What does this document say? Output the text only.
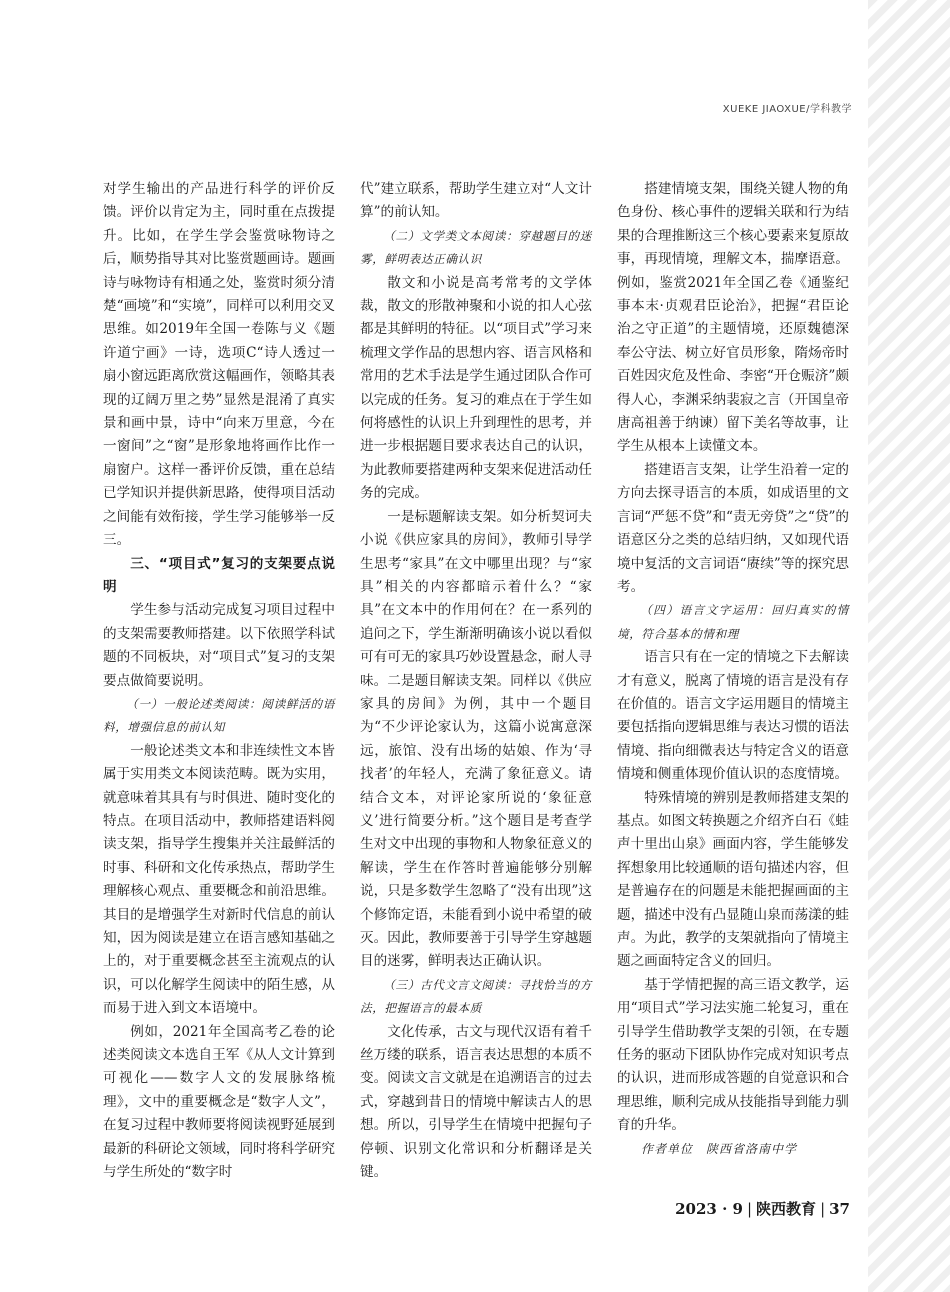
XUEKE JIAOXUE/学科教学

对学生输出的产品进行科学的评价反馈。评价以肯定为主，同时重在点拨提升。比如，在学生学会鉴赏咏物诗之后，顺势指导其对比鉴赏题画诗。题画诗与咏物诗有相通之处，鉴赏时须分清楚“画境”和“实境”，同样可以利用交叉思维。如2019年全国一卷陈与义《题许道宁画》一诗，选项C“诗人透过一扇小窗远距离欣赏这幅画作，领略其表现的辽阔万里之势”显然是混淆了真实景和画中景，诗中“向来万里意，今在一窗间”之“窗”是形象地将画作比作一扇窗户。这样一番评价反馈，重在总结已学知识并提供新思路，使得项目活动之间能有效衔接，学生学习能够举一反三。

三、“项目式”复习的支架要点说明

学生参与活动完成复习项目过程中的支架需要教师搭建。以下依照学科试题的不同板块，对“项目式”复习的支架要点做简要说明。

（一）一般论述类阅读：阅读鲜活的语料，增强信息的前认知

一般论述类文本和非连续性文本皆属于实用类文本阅读范畴。既为实用，就意味着其具有与时俱进、随时变化的特点。在项目活动中，教师搭建语料阅读支架，指导学生搜集并关注最鲜活的时事、科研和文化传承热点，帮助学生理解核心观点、重要概念和前沿思维。其目的是增强学生对新时代信息的前认知，因为阅读是建立在语言感知基础之上的，对于重要概念甚至主流观点的认识，可以化解学生阅读中的陌生感，从而易于进入到文本语境中。

例如，2021年全国高考乙卷的论述类阅读文本选自王军《从人文计算到可视化——数字人文的发展脉络梳理》，文中的重要概念是“数字人文”，在复习过程中教师要将阅读视野延展到最新的科研论文领域，同时将科学研究与学生所处的“数字时

代”建立联系，帮助学生建立对“人文计算”的前认知。

（二）文学类文本阅读：穿越题目的迷雾，鲜明表达正确认识

散文和小说是高考常考的文学体裁，散文的形散神聚和小说的扣人心弦都是其鲜明的特征。以“项目式”学习来梳理文学作品的思想内容、语言风格和常用的艺术手法是学生通过团队合作可以完成的任务。复习的难点在于学生如何将感性的认识上升到理性的思考，并进一步根据题目要求表达自己的认识，为此教师要搭建两种支架来促进活动任务的完成。

一是标题解读支架。如分析契诃夫小说《供应家具的房间》，教师引导学生思考“家具”在文中哪里出现？与“家具”相关的内容都暗示着什么？“家具”在文本中的作用何在？在一系列的追问之下，学生渐渐明确该小说以看似可有可无的家具巧妙设置悬念，耐人寻味。二是题目解读支架。同样以《供应家具的房间》为例，其中一个题目为“不少评论家认为，这篇小说寓意深远，旅馆、没有出场的姑娘、作为‘寻找者’的年轻人，充满了象征意义。请结合文本，对评论家所说的‘象征意义’进行简要分析。”这个题目是考查学生对文中出现的事物和人物象征意义的解读，学生在作答时普遍能够分别解说，只是多数学生忽略了“没有出现”这个修饰定语，未能看到小说中希望的破灭。因此，教师要善于引导学生穿越题目的迷雾，鲜明表达正确认识。

（三）古代文言文阅读：寻找恰当的方法，把握语言的最本质

文化传承，古文与现代汉语有着千丝万缕的联系，语言表达思想的本质不变。阅读文言文就是在追溯语言的过去式，穿越到昔日的情境中解读古人的思想。所以，引导学生在情境中把握句子停顿、识别文化常识和分析翻译是关键。

搭建情境支架，围绕关键人物的角色身份、核心事件的逻辑关联和行为结果的合理推断这三个核心要素来复原故事，再现情境，理解文本，揣摩语意。例如，鉴赏2021年全国乙卷《通鉴纪事本末·贞观君臣论治》，把握“君臣论治之守正道”的主题情境，还原魏德深奉公守法、树立好官员形象，隋炀帝时百姓因灾危及性命、李密“开仓赈济”颇得人心，李渊采纳裴寂之言（开国皇帝唐高祖善于纳谏）留下美名等故事，让学生从根本上读懂文本。

搭建语言支架，让学生沿着一定的方向去探寻语言的本质，如成语里的文言词“严惩不贷”和“责无旁贷”之“贷”的语意区分之类的总结归纳，又如现代语境中复活的文言词语“赓续”等的探究思考。

（四）语言文字运用：回归真实的情境，符合基本的情和理

语言只有在一定的情境之下去解读才有意义，脱离了情境的语言是没有存在价值的。语言文字运用题目的情境主要包括指向逻辑思维与表达习惯的语法情境、指向细微表达与特定含义的语意情境和侧重体现价值认识的态度情境。

特殊情境的辨别是教师搭建支架的基点。如图文转换题之介绍齐白石《蛙声十里出山泉》画面内容，学生能够发挥想象用比较通顺的语句描述内容，但是普遍存在的问题是未能把握画面的主题，描述中没有凸显随山泉而荡漾的蛙声。为此，教学的支架就指向了情境主题之画面特定含义的回归。

基于学情把握的高三语文教学，运用“项目式”学习法实施二轮复习，重在引导学生借助教学支架的引领，在专题任务的驱动下团队协作完成对知识考点的认识，进而形成答题的自觉意识和合理思维，顺利完成从技能指导到能力驯育的升华。

作者单位　陕西省洛南中学

2023 · 9 | 陕西教育 | 37
